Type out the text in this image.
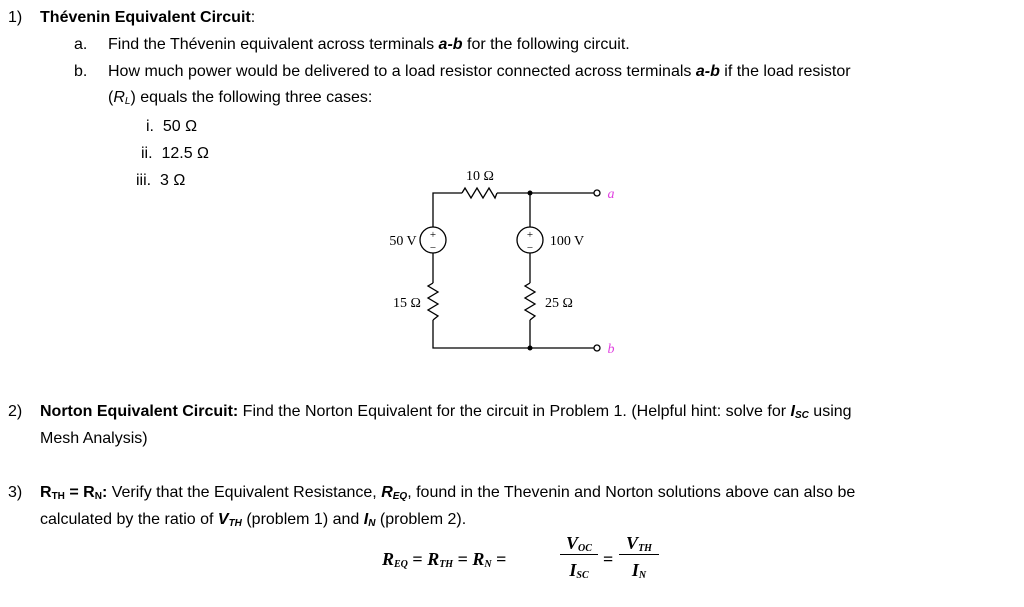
1) Thévenin Equivalent Circuit:
a. Find the Thévenin equivalent across terminals a-b for the following circuit.
b. How much power would be delivered to a load resistor connected across terminals a-b if the load resistor
$(R_L)$ equals the following three cases:
i. 50 Ω
ii. 12.5 Ω
iii. 3 Ω	10 Ω
50 V	100 V
15 Ω	25 Ω
+
−
+
−
a
b
2) Norton Equivalent Circuit: Find the Norton Equivalent for the circuit in Problem 1. (Helpful hint: solve for $I_{SC}$ using
Mesh Analysis)
3) $R_{TH} = R_N$: Verify that the Equivalent Resistance, $R_{EQ}$, found in the Thevenin and Norton solutions above can also be
calculated by the ratio of $V_{TH}$ (problem 1) and $I_N$ (problem 2).
$R_{EQ} = R_{TH} = R_N$ =
$V_{OC}$
$I_{SC}$
=
$V_{TH}$
$I_N$
